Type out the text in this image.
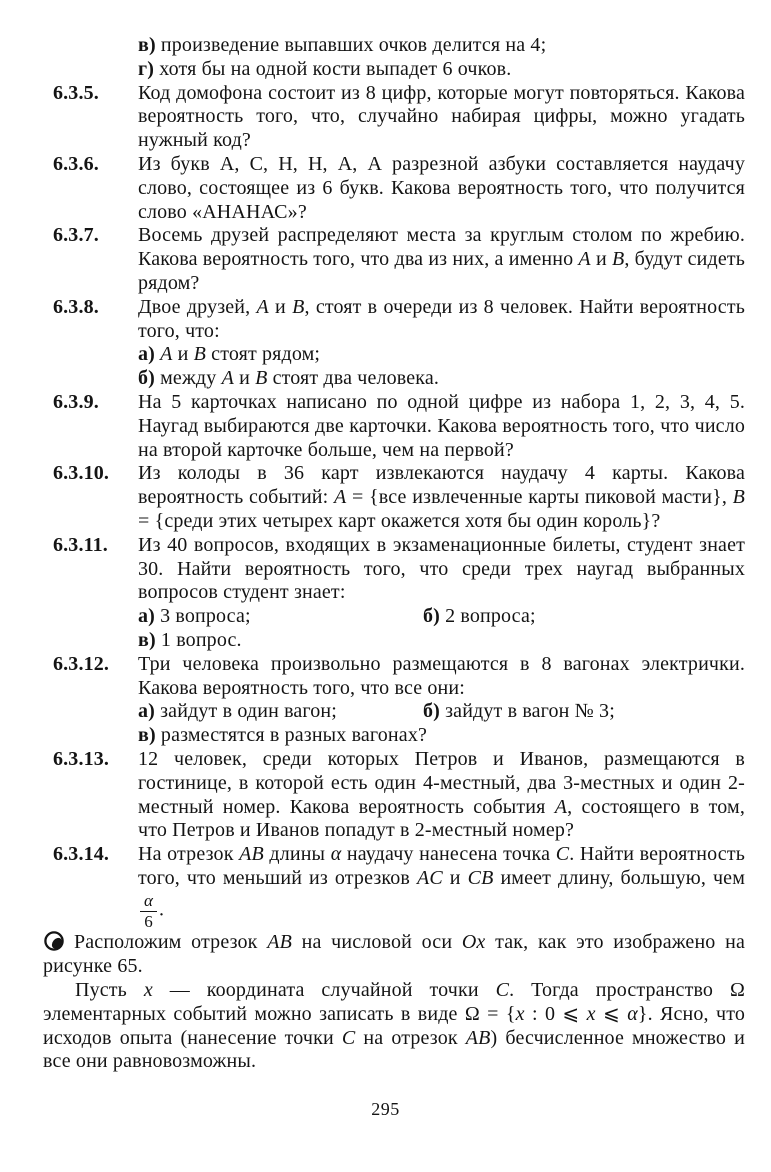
в) произведение выпавших очков делится на 4;
г) хотя бы на одной кости выпадет 6 очков.
6.3.5.	Код домофона состоит из 8 цифр, которые могут повторяться. Какова вероятность того, что, случайно набирая цифры, можно угадать нужный код?
6.3.6.	Из букв А, С, Н, Н, А, А разрезной азбуки составляется наудачу слово, состоящее из 6 букв. Какова вероятность того, что получится слово «АНАНАС»?
6.3.7.	Восемь друзей распределяют места за круглым столом по жребию. Какова вероятность того, что два из них, а именно A и B, будут сидеть рядом?
6.3.8.	Двое друзей, A и B, стоят в очереди из 8 человек. Найти вероятность того, что:
а) A и B стоят рядом;
б) между A и B стоят два человека.
6.3.9.	На 5 карточках написано по одной цифре из набора 1, 2, 3, 4, 5. Наугад выбираются две карточки. Какова вероятность того, что число на второй карточке больше, чем на первой?
6.3.10.	Из колоды в 36 карт извлекаются наудачу 4 карты. Какова вероятность событий: A = {все извлеченные карты пиковой масти}, B = {среди этих четырех карт окажется хотя бы один король}?
6.3.11.	Из 40 вопросов, входящих в экзаменационные билеты, студент знает 30. Найти вероятность того, что среди трех наугад выбранных вопросов студент знает:
а) 3 вопроса;	б) 2 вопроса;
в) 1 вопрос.
6.3.12.	Три человека произвольно размещаются в 8 вагонах электрички. Какова вероятность того, что все они:
а) зайдут в один вагон;	б) зайдут в вагон № 3;
в) разместятся в разных вагонах?
6.3.13.	12 человек, среди которых Петров и Иванов, размещаются в гостинице, в которой есть один 4-местный, два 3-местных и один 2-местный номер. Какова вероятность события A, состоящего в том, что Петров и Иванов попадут в 2-местный номер?
6.3.14.	На отрезок AB длины α наудачу нанесена точка C. Найти вероятность того, что меньший из отрезков AC и CB имеет длину, большую, чем
$\frac{\alpha}{6}$ .
Расположим отрезок AB на числовой оси Ox так, как это изображено на рисунке 65.
Пусть x — координата случайной точки C. Тогда пространство Ω элементарных событий можно записать в виде Ω = {x : 0 ⩽ x ⩽ α}. Ясно, что исходов опыта (нанесение точки C на отрезок AB) бесчисленное множество и все они равновозможны.
295
